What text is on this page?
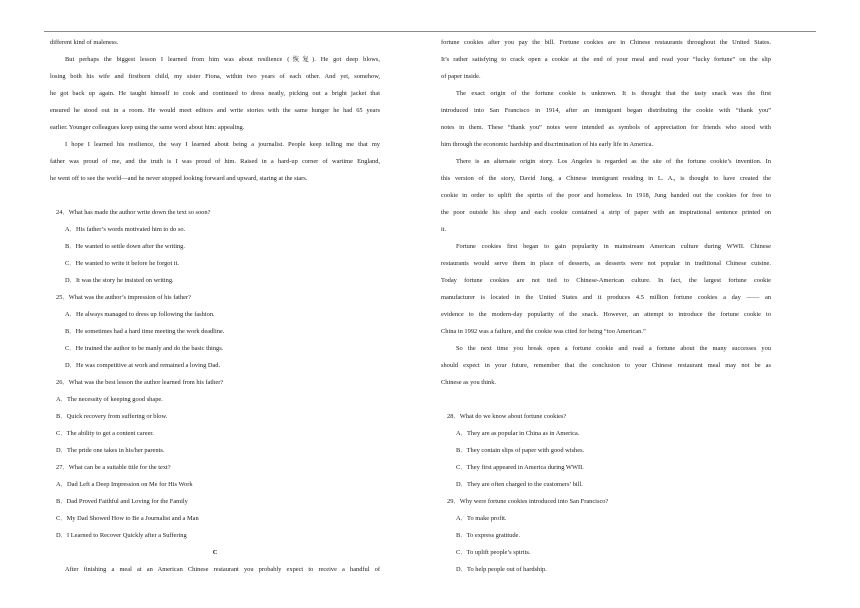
different kind of maleness.

But perhaps the biggest lesson I learned from him was about resilience (恢复). He got deep blows,

losing both his wife and firstborn child, my sister Fiona, within two years of each other. And yet, somehow,

he got back up again. He taught himself to cook and continued to dress neatly, picking out a bright jacket that

ensured he stood out in a room. He would meet editors and write stories with the same hunger he had 65 years

earlier. Younger colleagues keep using the same word about him: appealing.

I hope I learned his resilience, the way I learned about being a journalist. People keep telling me that my

father was proud of me, and the truth is I was proud of him. Raised in a hard-up corner of wartime England,

he went off to see the world—and he never stopped looking forward and upward, staring at the stars.

24．What has made the author write down the text so soon?

A．His father’s words motivated him to do so.

B．He wanted to settle down after the writing.

C．He wanted to write it before he forgot it.

D．It was the story he insisted on writing.

25．What was the author’s impression of his father?

A．He always managed to dress up following the fashion.

B．He sometimes had a hard time meeting the work deadline.

C．He trained the author to be manly and do the basic things.

D．He was competitive at work and remained a loving Dad.

26．What was the best lesson the author learned from his father?

A．The necessity of keeping good shape.

B．Quick recovery from suffering or blow.

C．The ability to get a content career.

D．The pride one takes in his/her parents.

27．What can be a suitable title for the text?

A．Dad Left a Deep Impression on Me for His Work

B．Dad Proved Faithful and Loving for the Family

C．My Dad Showed How to Be a Journalist and a Man

D．I Learned to Recover Quickly after a Suffering

C

After finishing a meal at an American Chinese restaurant you probably expect to receive a handful of

fortune cookies after you pay the bill. Fortune cookies are in Chinese restaurants throughout the United States.

It’s rather satisfying to crack open a cookie at the end of your meal and read your “lucky fortune” on the slip

of paper inside.

The exact origin of the fortune cookie is unknown. It is thought that the tasty snack was the first

introduced into San Francisco in 1914, after an immigrant began distributing the cookie with “thank you”

notes in them. These “thank you” notes were intended as symbols of appreciation for friends who stood with

him through the economic hardship and discrimination of his early life in America.

There is an alternate origin story. Los Angeles is regarded as the site of the fortune cookie’s invention. In

this version of the story, David Jung, a Chinese immigrant residing in L. A., is thought to have created the

cookie in order to uplift the spirits of the poor and homeless. In 1918, Jung handed out the cookies for free to

the poor outside his shop and each cookie contained a strip of paper with an inspirational sentence printed on

it.

Fortune cookies first began to gain popularity in mainstream American culture during WWII. Chinese

restaurants would serve them in place of desserts, as desserts were not popular in traditional Chinese cuisine.

Today fortune cookies are not tied to Chinese-American culture. In fact, the largest fortune cookie

manufacturer is located in the United States and it produces 4.5 million fortune cookies a day —— an

evidence to the modern-day popularity of the snack. However, an attempt to introduce the fortune cookie to

China in 1992 was a failure, and the cookie was cited for being “too American.”

So the next time you break open a fortune cookie and read a fortune about the many successes you

should expect in your future, remember that the conclusion to your Chinese restaurant meal may not be as

Chinese as you think.

28．What do we know about fortune cookies?

A．They are as popular in China as in America.

B．They contain slips of paper with good wishes.

C．They first appeared in America during WWII.

D．They are often charged to the customers’ bill.

29．Why were fortune cookies introduced into San Francisco?

A．To make profit.

B．To express gratitude.

C．To uplift people’s spirits.

D．To help people out of hardship.
